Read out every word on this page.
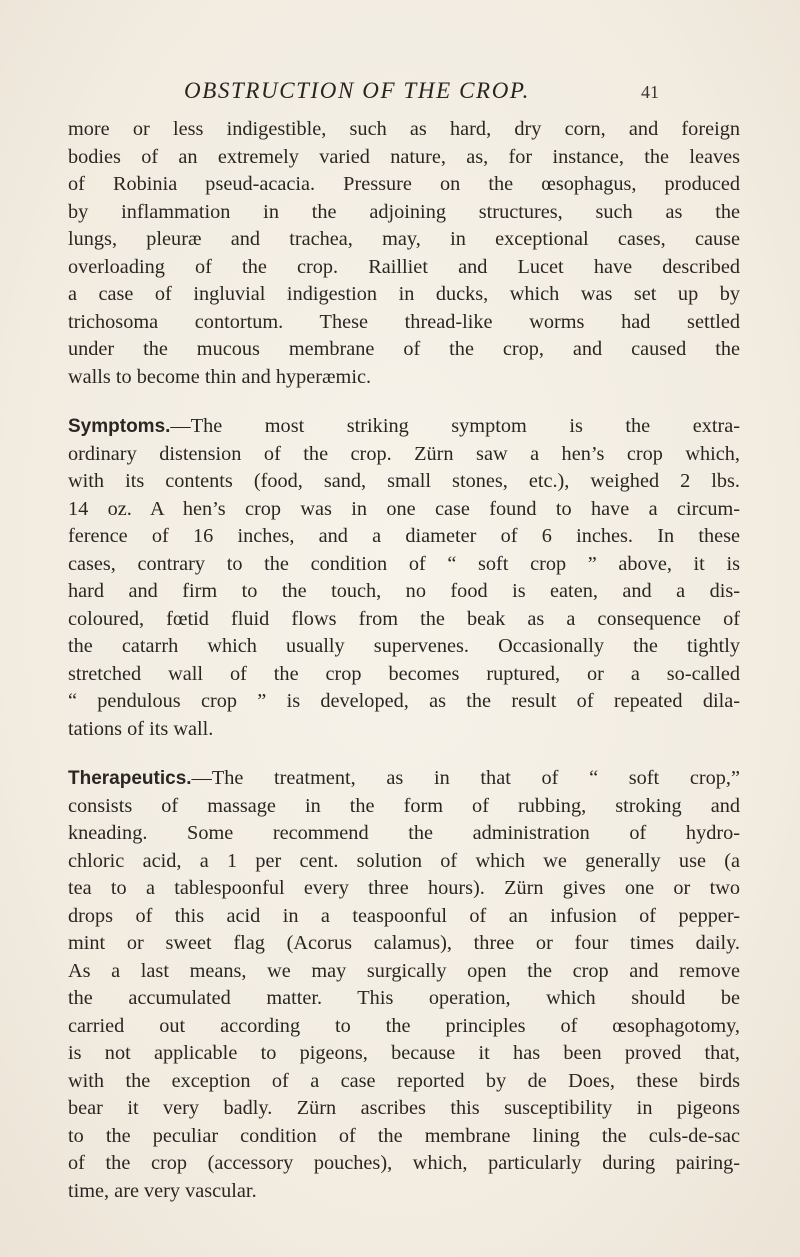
OBSTRUCTION OF THE CROP.	41
more or less indigestible, such as hard, dry corn, and foreign
bodies of an extremely varied nature, as, for instance, the leaves
of Robinia pseud-acacia. Pressure on the œsophagus, produced
by inflammation in the adjoining structures, such as the
lungs, pleuræ and trachea, may, in exceptional cases, cause
overloading of the crop. Railliet and Lucet have described
a case of ingluvial indigestion in ducks, which was set up by
trichosoma contortum. These thread-like worms had settled
under the mucous membrane of the crop, and caused the
walls to become thin and hyperæmic.
Symptoms.—The most striking symptom is the extra-
ordinary distension of the crop. Zürn saw a hen’s crop which,
with its contents (food, sand, small stones, etc.), weighed 2 lbs.
14 oz. A hen’s crop was in one case found to have a circum-
ference of 16 inches, and a diameter of 6 inches. In these
cases, contrary to the condition of “ soft crop ” above, it is
hard and firm to the touch, no food is eaten, and a dis-
coloured, fœtid fluid flows from the beak as a consequence of
the catarrh which usually supervenes. Occasionally the tightly
stretched wall of the crop becomes ruptured, or a so-called
“ pendulous crop ” is developed, as the result of repeated dila-
tations of its wall.
Therapeutics.—The treatment, as in that of “ soft crop,”
consists of massage in the form of rubbing, stroking and
kneading. Some recommend the administration of hydro-
chloric acid, a 1 per cent. solution of which we generally use (a
tea to a tablespoonful every three hours). Zürn gives one or two
drops of this acid in a teaspoonful of an infusion of pepper-
mint or sweet flag (Acorus calamus), three or four times daily.
As a last means, we may surgically open the crop and remove
the accumulated matter. This operation, which should be
carried out according to the principles of œsophagotomy,
is not applicable to pigeons, because it has been proved that,
with the exception of a case reported by de Does, these birds
bear it very badly. Zürn ascribes this susceptibility in pigeons
to the peculiar condition of the membrane lining the culs-de-sac
of the crop (accessory pouches), which, particularly during pairing-
time, are very vascular.
